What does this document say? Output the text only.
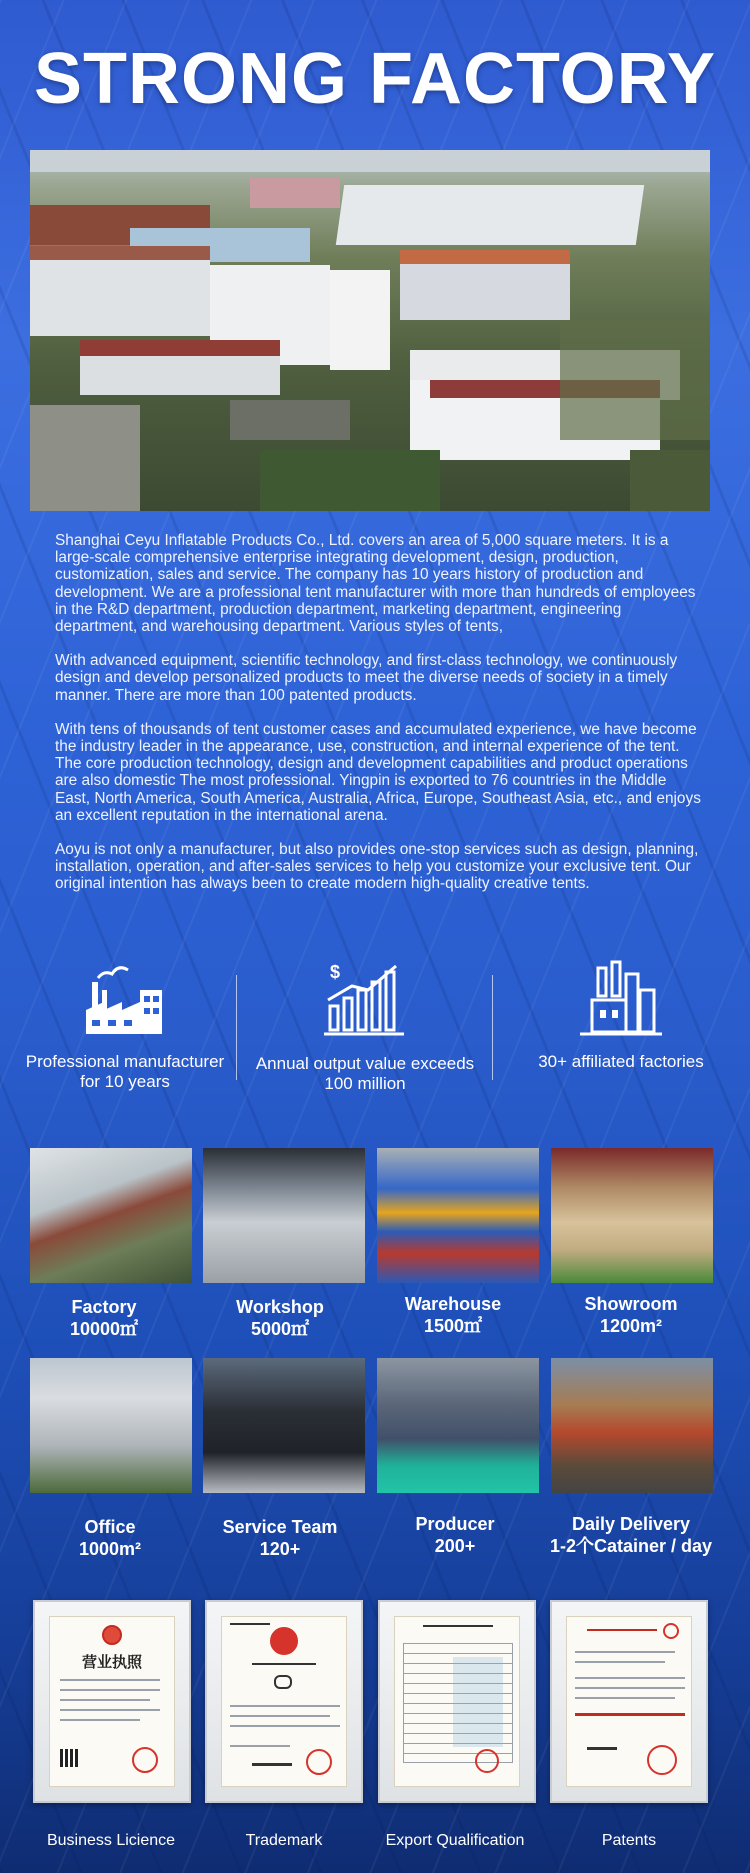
STRONG FACTORY

Shanghai Ceyu Inflatable Products Co., Ltd. covers an area of 5,000 square meters. It is a large-scale comprehensive enterprise integrating development, design, production, customization, sales and service. The company has 10 years history of production and development. We are a professional tent manufacturer with more than hundreds of employees in the R&D department, production department, marketing department, engineering department, and warehousing department. Various styles of tents,

With advanced equipment, scientific technology, and first-class technology, we continuously design and develop personalized products to meet the diverse needs of society in a timely manner. There are more than 100 patented products.

With tens of thousands of tent customer cases and accumulated experience, we have become the industry leader in the appearance, use, construction, and internal experience of the tent. The core production technology, design and development capabilities and product operations are also domestic The most professional. Yingpin is exported to 76 countries in the Middle East, North America, South America, Australia, Africa, Europe, Southeast Asia, etc., and enjoys an excellent reputation in the international arena.

Aoyu is not only a manufacturer, but also provides one-stop services such as design, planning, installation, operation, and after-sales services to help you customize your exclusive tent. Our original intention has always been to create modern high-quality creative tents.

Professional manufacturer
for 10 years
$
Annual output value exceeds
100 million
30+ affiliated factories
Factory
10000㎡
Workshop
5000㎡
Warehouse
1500㎡
Showroom
1200m²
Office
1000m²
Service Team
120+
Producer
200+
Daily Delivery
1-2个Catainer / day
营业执照
Business Licience	Trademark	Export Qualification	Patents
